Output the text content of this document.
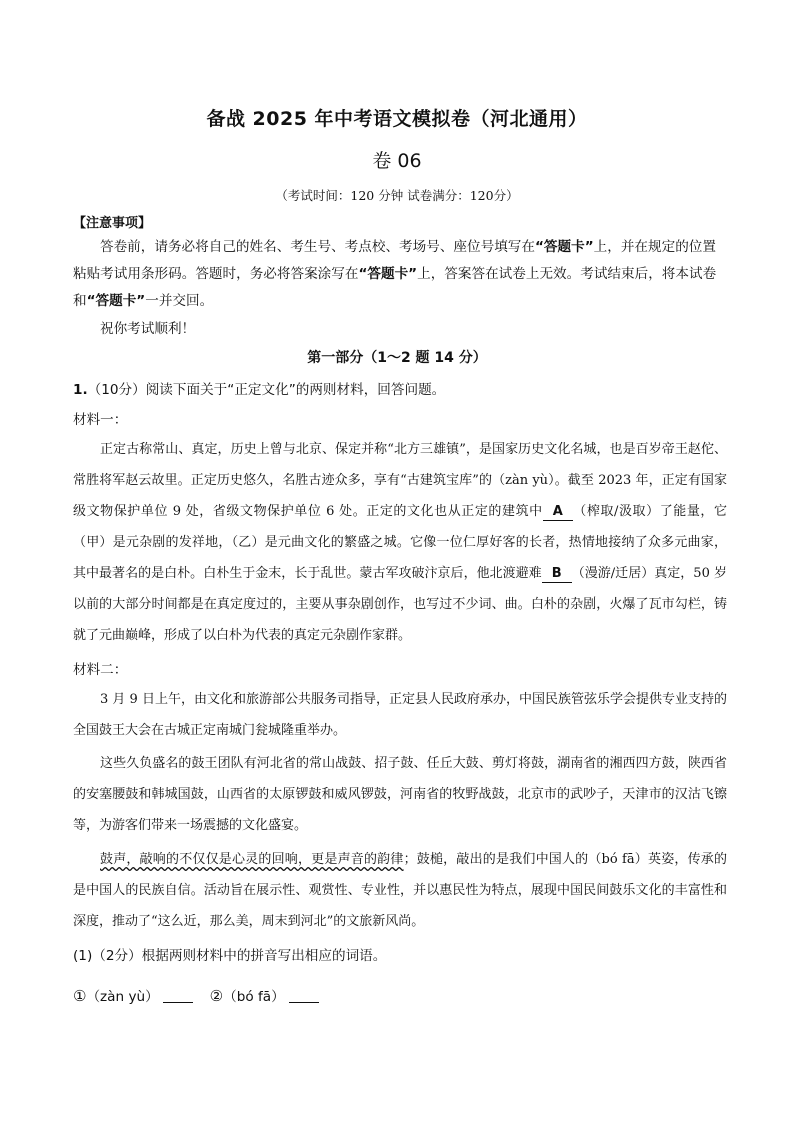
备战 2025 年中考语文模拟卷（河北通用）
卷 06
（考试时间：120 分钟 试卷满分：120分）
【注意事项】
答卷前，请务必将自己的姓名、考生号、考点校、考场号、座位号填写在“答题卡”上，并在规定的位置粘贴考试用条形码。答题时，务必将答案涂写在“答题卡”上，答案答在试卷上无效。考试结束后，将本试卷和“答题卡”一并交回。
祝你考试顺利！
第一部分（1～2 题 14 分）
1.（10分）阅读下面关于“正定文化”的两则材料，回答问题。
材料一：
正定古称常山、真定，历史上曾与北京、保定并称“北方三雄镇”，是国家历史文化名城，也是百岁帝王赵佗、常胜将军赵云故里。正定历史悠久，名胜古迹众多，享有“古建筑宝库”的（zàn yù）。截至 2023 年，正定有国家级文物保护单位 9 处，省级文物保护单位 6 处。正定的文化也从正定的建筑中 A （榨取/汲取）了能量，它（甲）是元杂剧的发祥地，（乙）是元曲文化的繁盛之城。它像一位仁厚好客的长者，热情地接纳了众多元曲家，其中最著名的是白朴。白朴生于金末，长于乱世。蒙古军攻破汴京后，他北渡避难 B （漫游/迁居）真定，50 岁以前的大部分时间都是在真定度过的，主要从事杂剧创作，也写过不少词、曲。白朴的杂剧，火爆了瓦市勾栏，铸就了元曲巅峰，形成了以白朴为代表的真定元杂剧作家群。
材料二：
3 月 9 日上午，由文化和旅游部公共服务司指导，正定县人民政府承办，中国民族管弦乐学会提供专业支持的全国鼓王大会在古城正定南城门瓮城隆重举办。
这些久负盛名的鼓王团队有河北省的常山战鼓、招子鼓、任丘大鼓、剪灯将鼓，湖南省的湘西四方鼓，陕西省的安塞腰鼓和韩城国鼓，山西省的太原锣鼓和威风锣鼓，河南省的牧野战鼓，北京市的武吵子，天津市的汉沽飞镲等，为游客们带来一场震撼的文化盛宴。
鼓声，敲响的不仅仅是心灵的回响，更是声音的韵律；鼓槌，敲出的是我们中国人的（bó fā）英姿，传承的是中国人的民族自信。活动旨在展示性、观赏性、专业性，并以惠民性为特点，展现中国民间鼓乐文化的丰富性和深度，推动了“这么近，那么美，周末到河北”的文旅新风尚。
(1)（2分）根据两则材料中的拼音写出相应的词语。
①（zàn yù）	②（bó fā）
